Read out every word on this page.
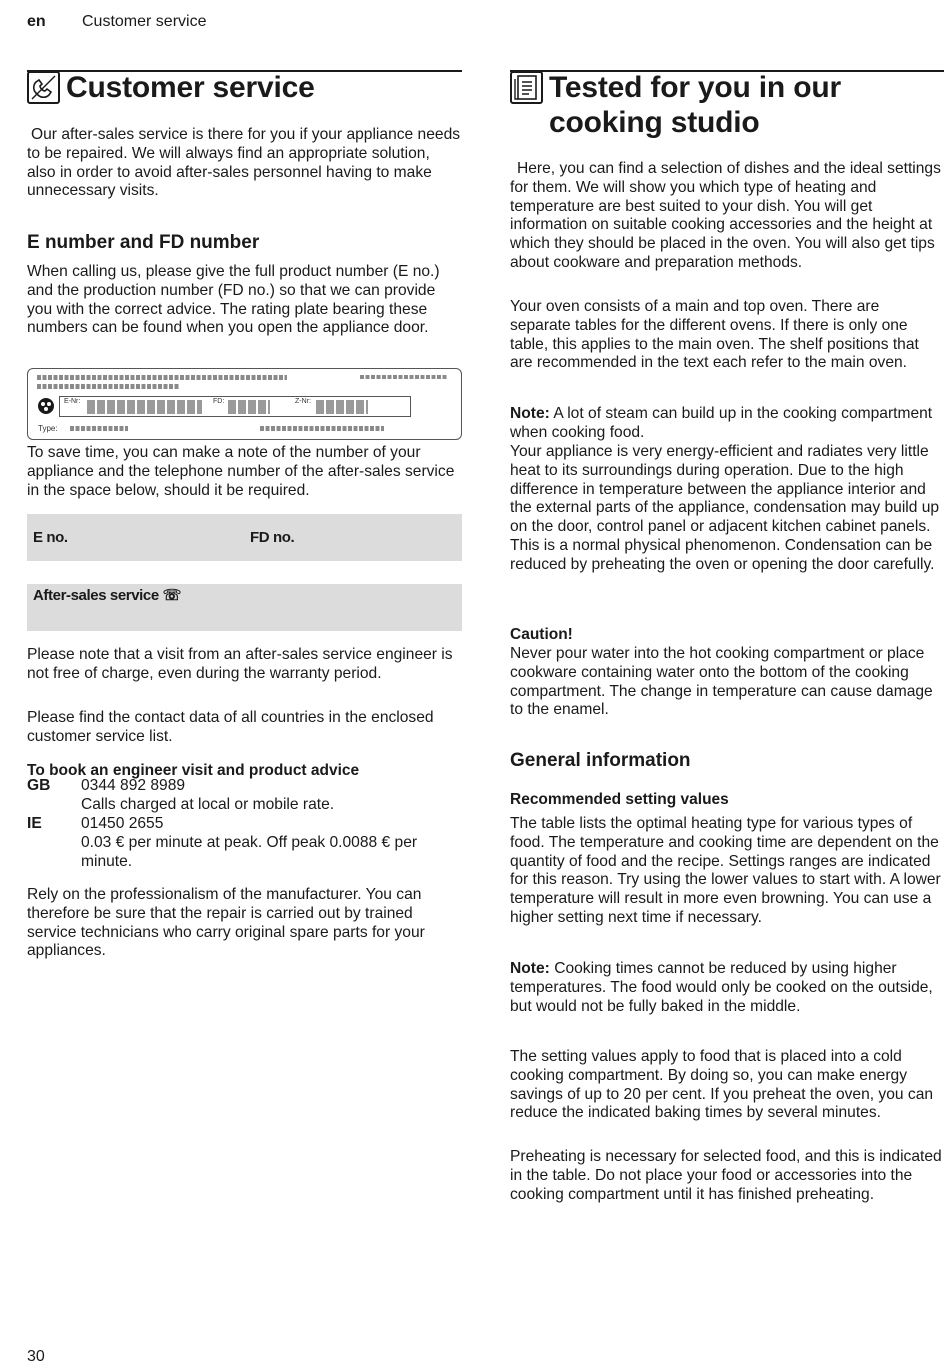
en Customer service
Customer service
Our after-sales service is there for you if your appliance needs to be repaired. We will always find an appropriate solution, also in order to avoid after-sales personnel having to make unnecessary visits.
E number and FD number
When calling us, please give the full product number (E no.) and the production number (FD no.) so that we can provide you with the correct advice. The rating plate bearing these numbers can be found when you open the appliance door.
E-Nr:	FD:	Z-Nr:
Type:
To save time, you can make a note of the number of your appliance and the telephone number of the after-sales service in the space below, should it be required.
E no.	FD no.
After-sales service ☏
Please note that a visit from an after-sales service engineer is not free of charge, even during the warranty period.
Please find the contact data of all countries in the enclosed customer service list.
To book an engineer visit and product advice
GB 0344 892 8989
Calls charged at local or mobile rate.
IE	01450 2655
0.03 € per minute at peak. Off peak 0.0088 € per minute.
Rely on the professionalism of the manufacturer. You can therefore be sure that the repair is carried out by trained service technicians who carry original spare parts for your appliances.
Tested for you in our
cooking studio
Here, you can find a selection of dishes and the ideal settings for them. We will show you which type of heating and temperature are best suited to your dish. You will get information on suitable cooking accessories and the height at which they should be placed in the oven. You will also get tips about cookware and preparation methods.
Your oven consists of a main and top oven. There are separate tables for the different ovens. If there is only one table, this applies to the main oven. The shelf positions that are recommended in the text each refer to the main oven.
Note: A lot of steam can build up in the cooking compartment when cooking food.
Your appliance is very energy-efficient and radiates very little heat to its surroundings during operation. Due to the high difference in temperature between the appliance interior and the external parts of the appliance, condensation may build up on the door, control panel or adjacent kitchen cabinet panels. This is a normal physical phenomenon. Condensation can be reduced by preheating the oven or opening the door carefully.
Caution!
Never pour water into the hot cooking compartment or place cookware containing water onto the bottom of the cooking compartment. The change in temperature can cause damage to the enamel.
General information
Recommended setting values
The table lists the optimal heating type for various types of food. The temperature and cooking time are dependent on the quantity of food and the recipe. Settings ranges are indicated for this reason. Try using the lower values to start with. A lower temperature will result in more even browning. You can use a higher setting next time if necessary.
Note: Cooking times cannot be reduced by using higher temperatures. The food would only be cooked on the outside, but would not be fully baked in the middle.
The setting values apply to food that is placed into a cold cooking compartment. By doing so, you can make energy savings of up to 20 per cent. If you preheat the oven, you can reduce the indicated baking times by several minutes.
Preheating is necessary for selected food, and this is indicated in the table. Do not place your food or accessories into the cooking compartment until it has finished preheating.
30
